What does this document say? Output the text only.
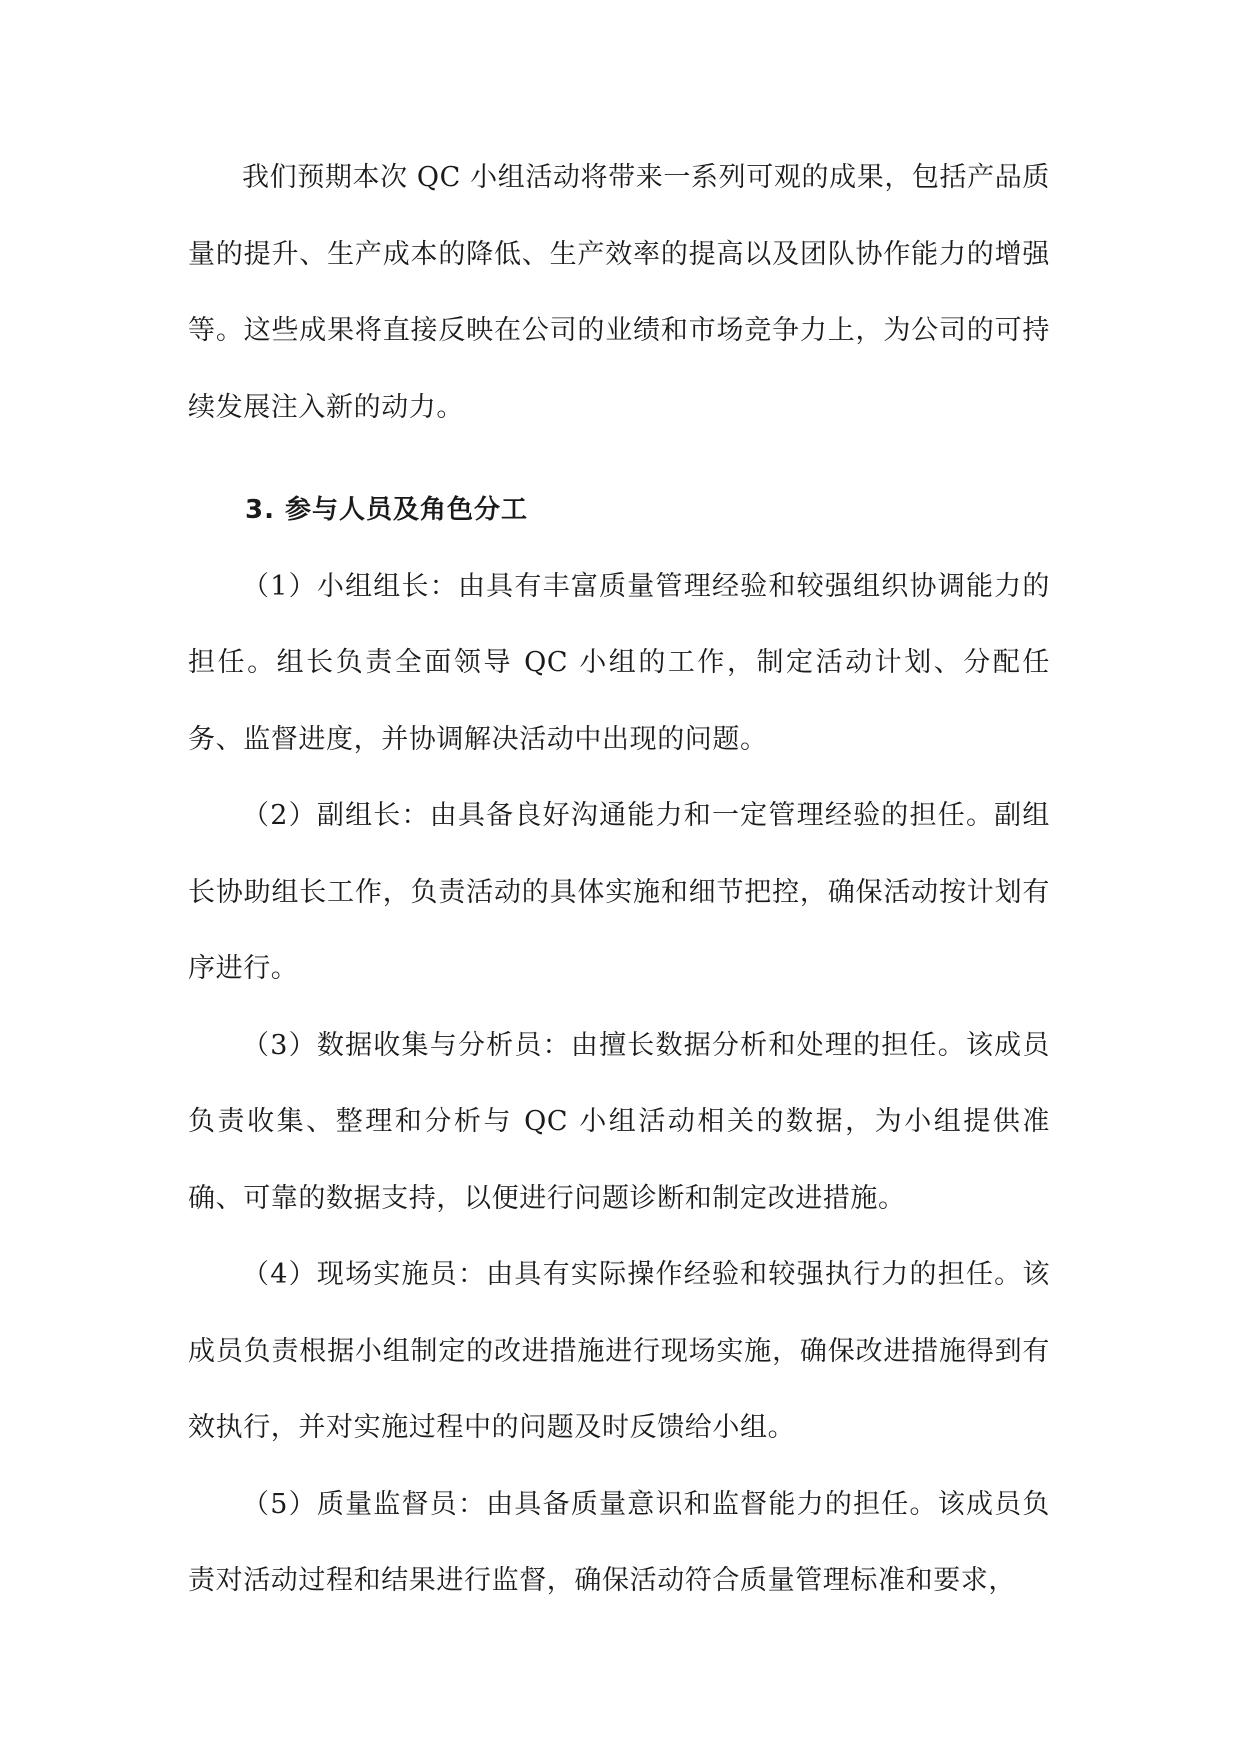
我们预期本次 QC 小组活动将带来一系列可观的成果，包括产品质量的提升、生产成本的降低、生产效率的提高以及团队协作能力的增强等。这些成果将直接反映在公司的业绩和市场竞争力上，为公司的可持续发展注入新的动力。

3. 参与人员及角色分工

（1）小组组长：由具有丰富质量管理经验和较强组织协调能力的担任。组长负责全面领导 QC 小组的工作，制定活动计划、分配任务、监督进度，并协调解决活动中出现的问题。

（2）副组长：由具备良好沟通能力和一定管理经验的担任。副组长协助组长工作，负责活动的具体实施和细节把控，确保活动按计划有序进行。

（3）数据收集与分析员：由擅长数据分析和处理的担任。该成员负责收集、整理和分析与 QC 小组活动相关的数据，为小组提供准确、可靠的数据支持，以便进行问题诊断和制定改进措施。

（4）现场实施员：由具有实际操作经验和较强执行力的担任。该成员负责根据小组制定的改进措施进行现场实施，确保改进措施得到有效执行，并对实施过程中的问题及时反馈给小组。

（5）质量监督员：由具备质量意识和监督能力的担任。该成员负责对活动过程和结果进行监督，确保活动符合质量管理标准和要求，
